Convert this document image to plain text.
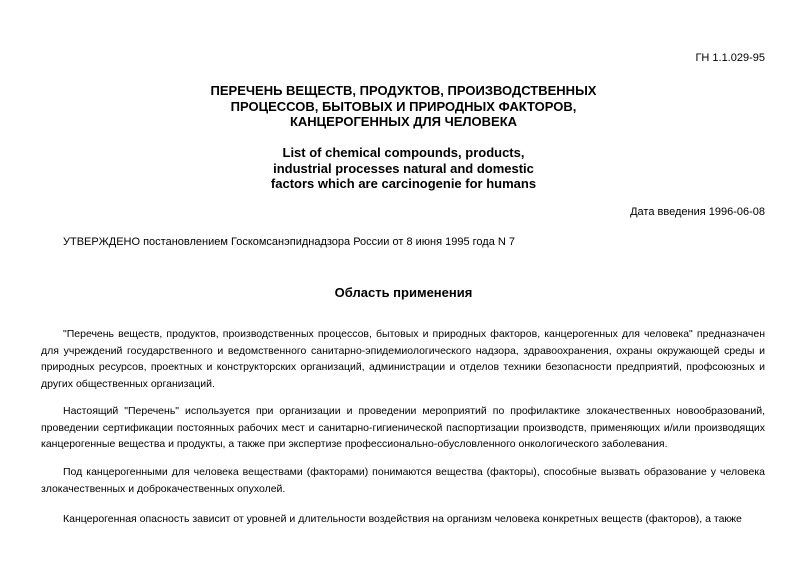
ГН 1.1.029-95
ПЕРЕЧЕНЬ ВЕЩЕСТВ, ПРОДУКТОВ, ПРОИЗВОДСТВЕННЫХ
ПРОЦЕССОВ, БЫТОВЫХ И ПРИРОДНЫХ ФАКТОРОВ,
КАНЦЕРОГЕННЫХ ДЛЯ ЧЕЛОВЕКА
List of chemical compounds, products,
industrial processes natural and domestic
factors which are carcinogenie for humans
Дата введения 1996-06-08
УТВЕРЖДЕНО постановлением Госкомсанэпиднадзора России от 8 июня 1995 года N 7
Область применения

"Перечень веществ, продуктов, производственных процессов, бытовых и природных факторов, канцерогенных для человека" предназначен для учреждений государственного и ведомственного санитарно-эпидемиологического надзора, здравоохранения, охраны окружающей среды и природных ресурсов, проектных и конструкторских организаций, администрации и отделов техники безопасности предприятий, профсоюзных и других общественных организаций.

Настоящий "Перечень" используется при организации и проведении мероприятий по профилактике злокачественных новообразований, проведении сертификации постоянных рабочих мест и санитарно-гигиенической паспортизации производств, применяющих и/или производящих канцерогенные вещества и продукты, а также при экспертизе профессионально-обусловленного онкологического заболевания.

Под канцерогенными для человека веществами (факторами) понимаются вещества (факторы), способные вызвать образование у человека злокачественных и доброкачественных опухолей.

Канцерогенная опасность зависит от уровней и длительности воздействия на организм человека конкретных веществ (факторов), а также
